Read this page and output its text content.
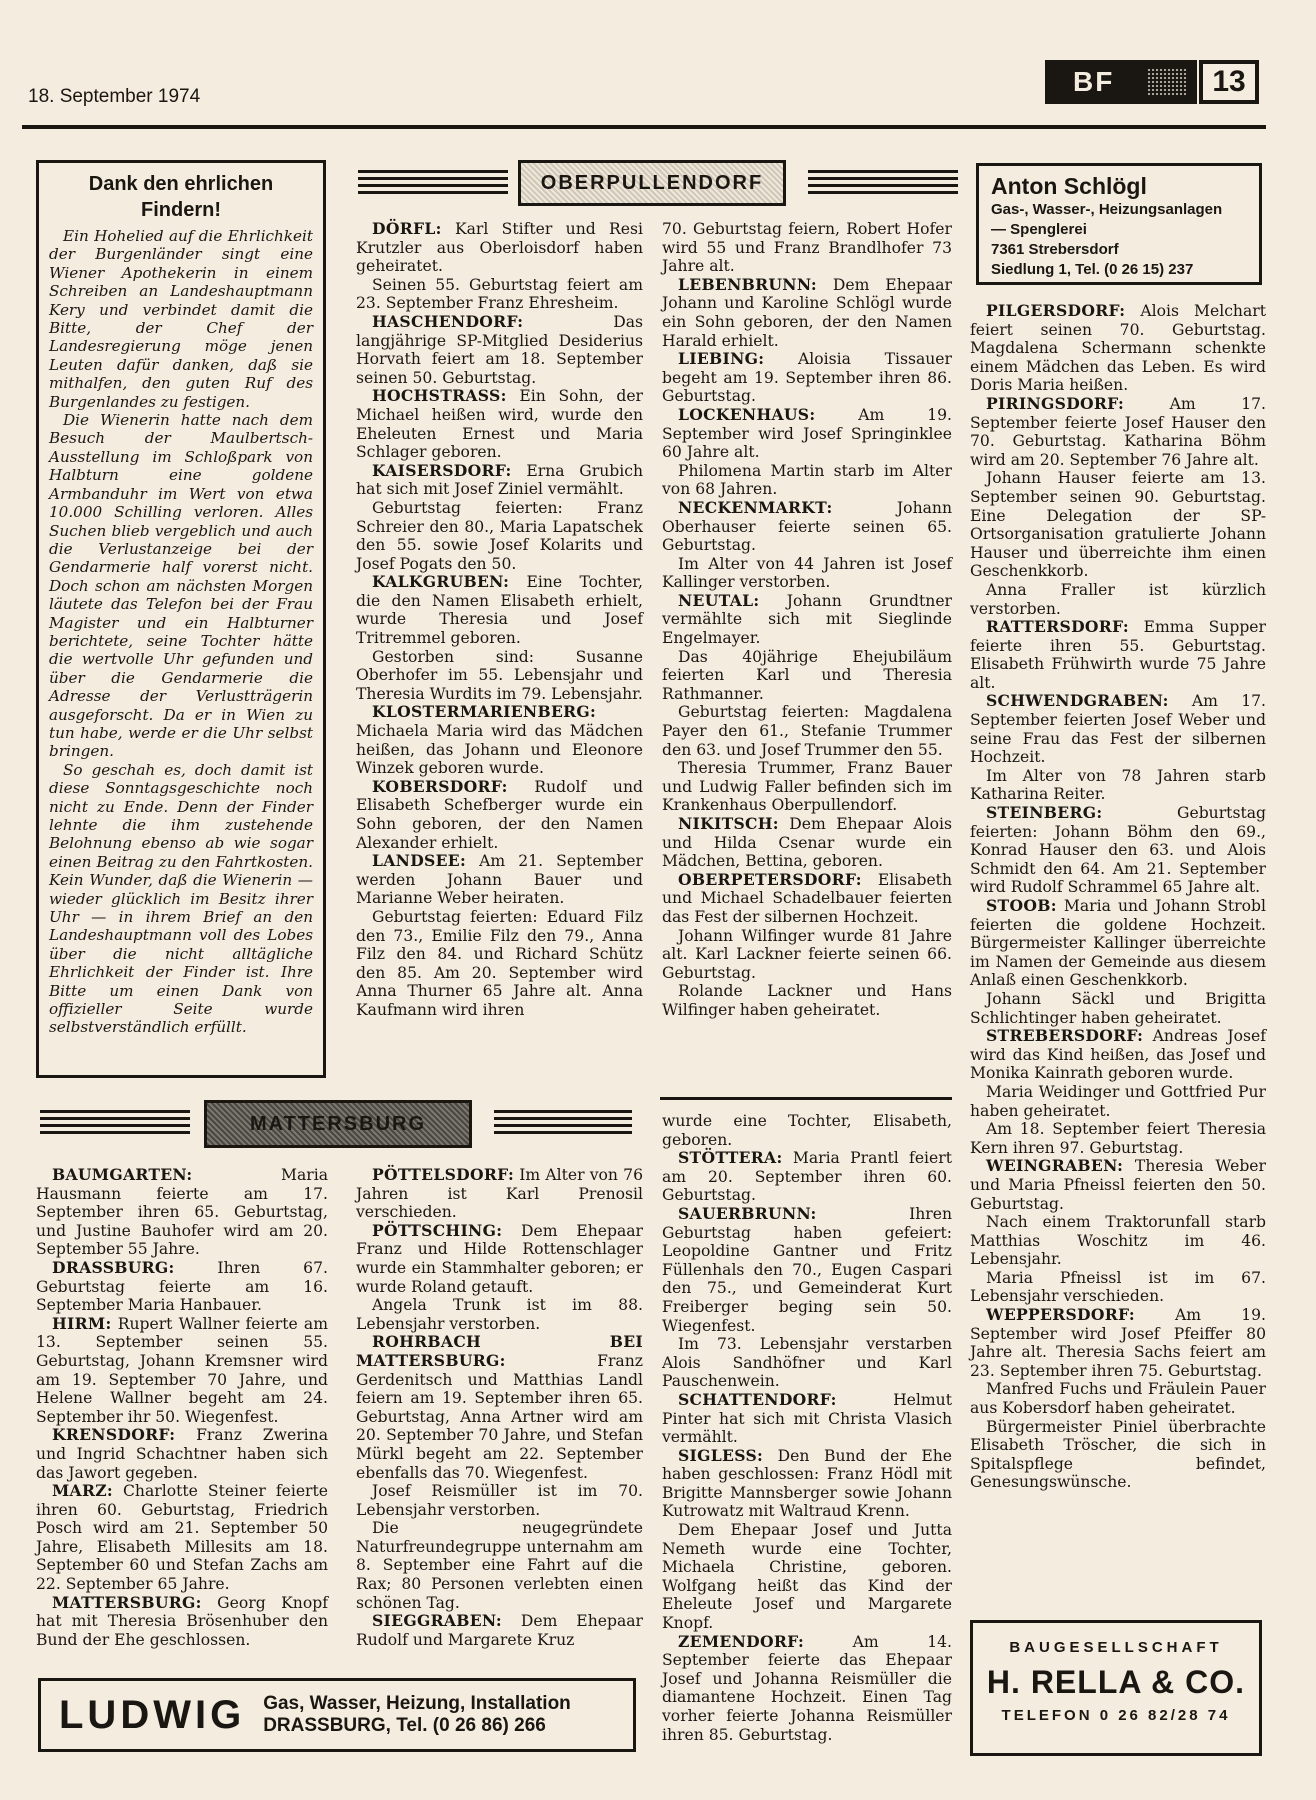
18. September 1974	BF	13
Dank den ehrlichen Findern!

Ein Hohelied auf die Ehrlichkeit der Burgenländer singt eine Wiener Apothekerin in einem Schreiben an Landeshauptmann Kery und verbindet damit die Bitte, der Chef der Landesregierung möge jenen Leuten dafür danken, daß sie mithalfen, den guten Ruf des Burgenlandes zu festigen.

Die Wienerin hatte nach dem Besuch der Maulbertsch-Ausstellung im Schloßpark von Halbturn eine goldene Armbanduhr im Wert von etwa 10.000 Schilling verloren. Alles Suchen blieb vergeblich und auch die Verlustanzeige bei der Gendarmerie half vorerst nicht. Doch schon am nächsten Morgen läutete das Telefon bei der Frau Magister und ein Halbturner berichtete, seine Tochter hätte die wertvolle Uhr gefunden und über die Gendarmerie die Adresse der Verlustträgerin ausgeforscht. Da er in Wien zu tun habe, werde er die Uhr selbst bringen.

So geschah es, doch damit ist diese Sonntagsgeschichte noch nicht zu Ende. Denn der Finder lehnte die ihm zustehende Belohnung ebenso ab wie sogar einen Beitrag zu den Fahrtkosten. Kein Wunder, daß die Wienerin — wieder glücklich im Besitz ihrer Uhr — in ihrem Brief an den Landeshauptmann voll des Lobes über die nicht alltägliche Ehrlichkeit der Finder ist. Ihre Bitte um einen Dank von offizieller Seite wurde selbstverständlich erfüllt.

OBERPULLENDORF

DÖRFL: Karl Stifter und Resi Krutzler aus Oberloisdorf haben geheiratet.

Seinen 55. Geburtstag feiert am 23. September Franz Ehresheim.

HASCHENDORF: Das langjährige SP-Mitglied Desiderius Horvath feiert am 18. September seinen 50. Geburtstag.

HOCHSTRASS: Ein Sohn, der Michael heißen wird, wurde den Eheleuten Ernest und Maria Schlager geboren.

KAISERSDORF: Erna Grubich hat sich mit Josef Ziniel vermählt.

Geburtstag feierten: Franz Schreier den 80., Maria Lapatschek den 55. sowie Josef Kolarits und Josef Pogats den 50.

KALKGRUBEN: Eine Tochter, die den Namen Elisabeth erhielt, wurde Theresia und Josef Tritremmel geboren.

Gestorben sind: Susanne Oberhofer im 55. Lebensjahr und Theresia Wurdits im 79. Lebensjahr.

KLOSTERMARIENBERG: Michaela Maria wird das Mädchen heißen, das Johann und Eleonore Winzek geboren wurde.

KOBERSDORF: Rudolf und Elisabeth Schefberger wurde ein Sohn geboren, der den Namen Alexander erhielt.

LANDSEE: Am 21. September werden Johann Bauer und Marianne Weber heiraten.

Geburtstag feierten: Eduard Filz den 73., Emilie Filz den 79., Anna Filz den 84. und Richard Schütz den 85. Am 20. September wird Anna Thurner 65 Jahre alt. Anna Kaufmann wird ihren

70. Geburtstag feiern, Robert Hofer wird 55 und Franz Brandlhofer 73 Jahre alt.

LEBENBRUNN: Dem Ehepaar Johann und Karoline Schlögl wurde ein Sohn geboren, der den Namen Harald erhielt.

LIEBING: Aloisia Tissauer begeht am 19. September ihren 86. Geburtstag.

LOCKENHAUS: Am 19. September wird Josef Springinklee 60 Jahre alt.

Philomena Martin starb im Alter von 68 Jahren.

NECKENMARKT: Johann Oberhauser feierte seinen 65. Geburtstag.

Im Alter von 44 Jahren ist Josef Kallinger verstorben.

NEUTAL: Johann Grundtner vermählte sich mit Sieglinde Engelmayer.

Das 40jährige Ehejubiläum feierten Karl und Theresia Rathmanner.

Geburtstag feierten: Magdalena Payer den 61., Stefanie Trummer den 63. und Josef Trummer den 55.

Theresia Trummer, Franz Bauer und Ludwig Faller befinden sich im Krankenhaus Oberpullendorf.

NIKITSCH: Dem Ehepaar Alois und Hilda Csenar wurde ein Mädchen, Bettina, geboren.

OBERPETERSDORF: Elisabeth und Michael Schadelbauer feierten das Fest der silbernen Hochzeit.

Johann Wilfinger wurde 81 Jahre alt. Karl Lackner feierte seinen 66. Geburtstag.

Rolande Lackner und Hans Wilfinger haben geheiratet.

Anton Schlögl
Gas-, Wasser-, Heizungsanlagen
— Spenglerei
7361 Strebersdorf
Siedlung 1, Tel. (0 26 15) 237

PILGERSDORF: Alois Melchart feiert seinen 70. Geburtstag. Magdalena Schermann schenkte einem Mädchen das Leben. Es wird Doris Maria heißen.

PIRINGSDORF: Am 17. September feierte Josef Hauser den 70. Geburtstag. Katharina Böhm wird am 20. September 76 Jahre alt.

Johann Hauser feierte am 13. September seinen 90. Geburtstag. Eine Delegation der SP-Ortsorganisation gratulierte Johann Hauser und überreichte ihm einen Geschenkkorb.

Anna Fraller ist kürzlich verstorben.

RATTERSDORF: Emma Supper feierte ihren 55. Geburtstag. Elisabeth Frühwirth wurde 75 Jahre alt.

SCHWENDGRABEN: Am 17. September feierten Josef Weber und seine Frau das Fest der silbernen Hochzeit.

Im Alter von 78 Jahren starb Katharina Reiter.

STEINBERG: Geburtstag feierten: Johann Böhm den 69., Konrad Hauser den 63. und Alois Schmidt den 64. Am 21. September wird Rudolf Schrammel 65 Jahre alt.

STOOB: Maria und Johann Strobl feierten die goldene Hochzeit. Bürgermeister Kallinger überreichte im Namen der Gemeinde aus diesem Anlaß einen Geschenkkorb.

Johann Säckl und Brigitta Schlichtinger haben geheiratet.

STREBERSDORF: Andreas Josef wird das Kind heißen, das Josef und Monika Kainrath geboren wurde.

Maria Weidinger und Gottfried Pur haben geheiratet.

Am 18. September feiert Theresia Kern ihren 97. Geburtstag.

WEINGRABEN: Theresia Weber und Maria Pfneissl feierten den 50. Geburtstag.

Nach einem Traktorunfall starb Matthias Woschitz im 46. Lebensjahr.

Maria Pfneissl ist im 67. Lebensjahr verschieden.

WEPPERSDORF: Am 19. September wird Josef Pfeiffer 80 Jahre alt. Theresia Sachs feiert am 23. September ihren 75. Geburtstag.

Manfred Fuchs und Fräulein Pauer aus Kobersdorf haben geheiratet.

Bürgermeister Piniel überbrachte Elisabeth Tröscher, die sich in Spitalspflege befindet, Genesungswünsche.

MATTERSBURG

BAUMGARTEN: Maria Hausmann feierte am 17. September ihren 65. Geburtstag, und Justine Bauhofer wird am 20. September 55 Jahre.

DRASSBURG: Ihren 67. Geburtstag feierte am 16. September Maria Hanbauer.

HIRM: Rupert Wallner feierte am 13. September seinen 55. Geburtstag, Johann Kremsner wird am 19. September 70 Jahre, und Helene Wallner begeht am 24. September ihr 50. Wiegenfest.

KRENSDORF: Franz Zwerina und Ingrid Schachtner haben sich das Jawort gegeben.

MARZ: Charlotte Steiner feierte ihren 60. Geburtstag, Friedrich Posch wird am 21. September 50 Jahre, Elisabeth Millesits am 18. September 60 und Stefan Zachs am 22. September 65 Jahre.

MATTERSBURG: Georg Knopf hat mit Theresia Brösenhuber den Bund der Ehe geschlossen.

PÖTTELSDORF: Im Alter von 76 Jahren ist Karl Prenosil verschieden.

PÖTTSCHING: Dem Ehepaar Franz und Hilde Rottenschlager wurde ein Stammhalter geboren; er wurde Roland getauft.

Angela Trunk ist im 88. Lebensjahr verstorben.

ROHRBACH BEI MATTERSBURG: Franz Gerdenitsch und Matthias Landl feiern am 19. September ihren 65. Geburtstag, Anna Artner wird am 20. September 70 Jahre, und Stefan Mürkl begeht am 22. September ebenfalls das 70. Wiegenfest.

Josef Reismüller ist im 70. Lebensjahr verstorben.

Die neugegründete Naturfreundegruppe unternahm am 8. September eine Fahrt auf die Rax; 80 Personen verlebten einen schönen Tag.

SIEGGRABEN: Dem Ehepaar Rudolf und Margarete Kruz

wurde eine Tochter, Elisabeth, geboren.

STÖTTERA: Maria Prantl feiert am 20. September ihren 60. Geburtstag.

SAUERBRUNN: Ihren Geburtstag haben gefeiert: Leopoldine Gantner und Fritz Füllenhals den 70., Eugen Caspari den 75., und Gemeinderat Kurt Freiberger beging sein 50. Wiegenfest.

Im 73. Lebensjahr verstarben Alois Sandhöfner und Karl Pauschenwein.

SCHATTENDORF: Helmut Pinter hat sich mit Christa Vlasich vermählt.

SIGLESS: Den Bund der Ehe haben geschlossen: Franz Hödl mit Brigitte Mannsberger sowie Johann Kutrowatz mit Waltraud Krenn.

Dem Ehepaar Josef und Jutta Nemeth wurde eine Tochter, Michaela Christine, geboren. Wolfgang heißt das Kind der Eheleute Josef und Margarete Knopf.

ZEMENDORF: Am 14. September feierte das Ehepaar Josef und Johanna Reismüller die diamantene Hochzeit. Einen Tag vorher feierte Johanna Reismüller ihren 85. Geburtstag.

LUDWIG Gas, Wasser, Heizung, Installation
DRASSBURG, Tel. (0 26 86) 266
BAUGESELLSCHAFT
H. RELLA & CO.
TELEFON 0 26 82/28 74
